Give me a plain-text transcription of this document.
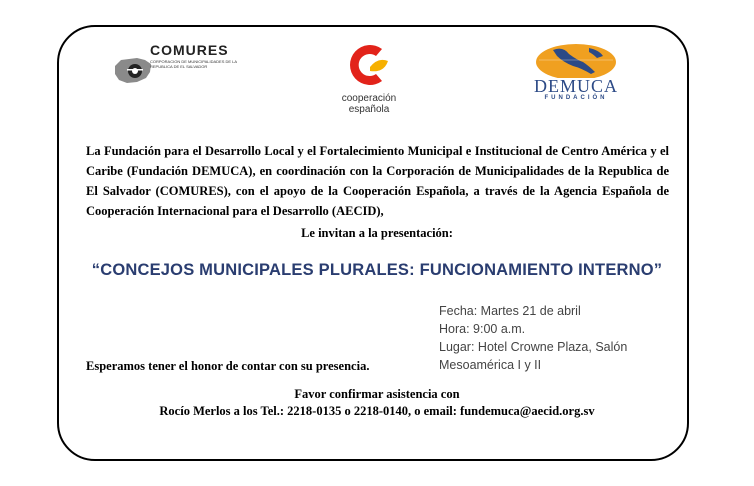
COMURES
CORPORACION DE MUNICIPALIDADES DE LA REPUBLICA DE EL SALVADOR
cooperación
española
DEMUCA
FUNDACIÓN
La Fundación para el Desarrollo Local y el Fortalecimiento Municipal e Institucional de Centro América y el Caribe (Fundación DEMUCA), en coordinación con la Corporación de Municipalidades de la Republica de El Salvador (COMURES), con el apoyo de la Cooperación Española, a través de la Agencia Española de Cooperación Internacional para el Desarrollo (AECID),
Le invitan a la presentación:
“CONCEJOS MUNICIPALES PLURALES: FUNCIONAMIENTO INTERNO”
Fecha: Martes 21 de abril
Hora: 9:00 a.m.
Lugar: Hotel Crowne Plaza, Salón
Mesoamérica I y II
Esperamos tener el honor de contar con su presencia.
Favor confirmar asistencia con
Rocío Merlos a los Tel.: 2218-0135 o 2218-0140, o email: fundemuca@aecid.org.sv
